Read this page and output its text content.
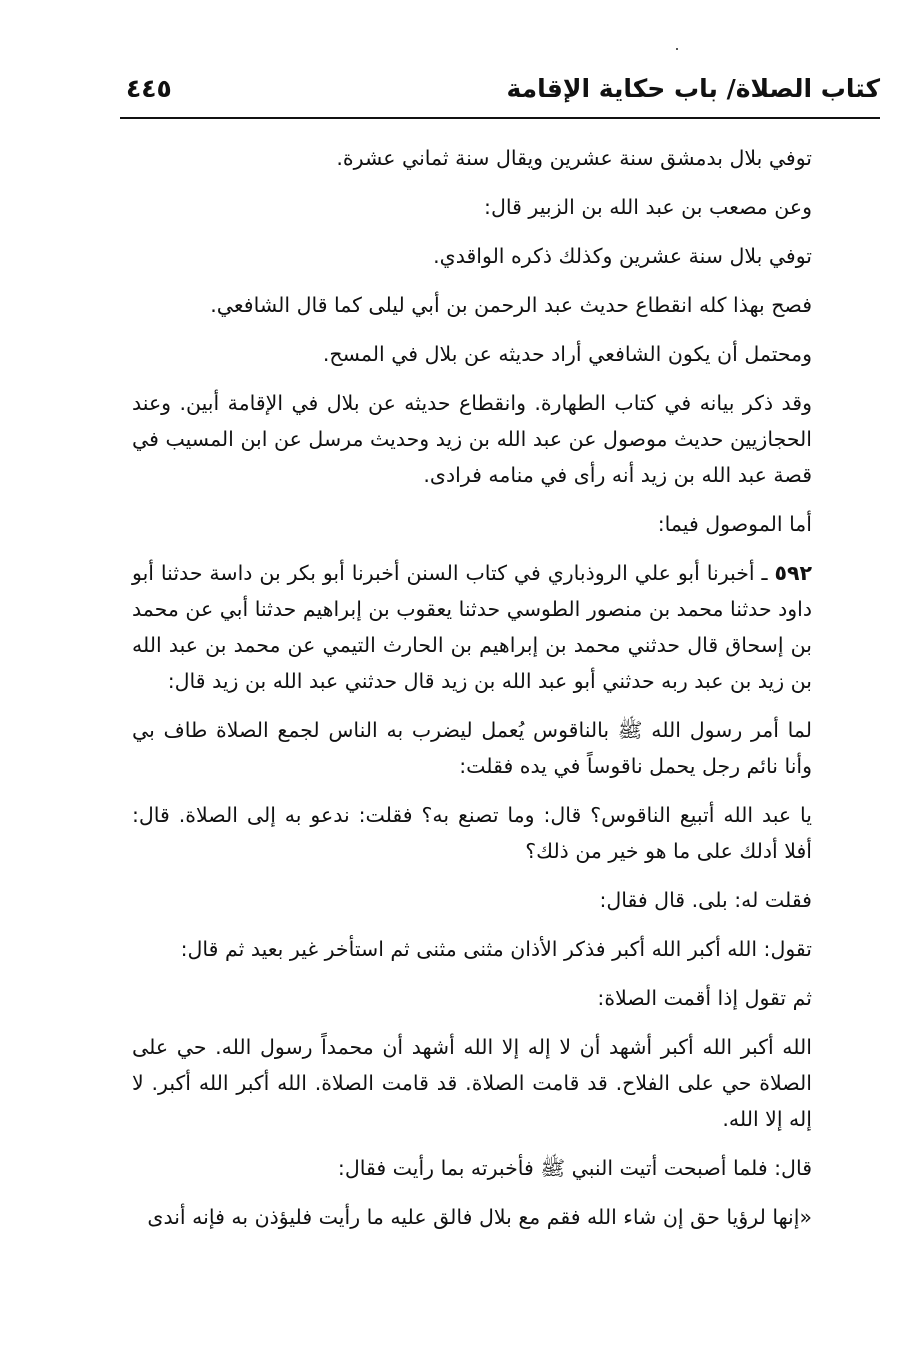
كتاب الصلاة/ باب حكاية الإقامة
٤٤٥

توفي بلال بدمشق سنة عشرين ويقال سنة ثماني عشرة.

وعن مصعب بن عبد الله بن الزبير قال:

توفي بلال سنة عشرين وكذلك ذكره الواقدي.

فصح بهذا كله انقطاع حديث عبد الرحمن بن أبي ليلى كما قال الشافعي.

ومحتمل أن يكون الشافعي أراد حديثه عن بلال في المسح.

وقد ذكر بيانه في كتاب الطهارة. وانقطاع حديثه عن بلال في الإقامة أبين. وعند الحجازيين حديث موصول عن عبد الله بن زيد وحديث مرسل عن ابن المسيب في قصة عبد الله بن زيد أنه رأى في منامه فرادى.

أما الموصول فيما:

٥٩٢ ـ أخبرنا أبو علي الروذباري في كتاب السنن أخبرنا أبو بكر بن داسة حدثنا أبو داود حدثنا محمد بن منصور الطوسي حدثنا يعقوب بن إبراهيم حدثنا أبي عن محمد بن إسحاق قال حدثني محمد بن إبراهيم بن الحارث التيمي عن محمد بن عبد الله بن زيد بن عبد ربه حدثني أبو عبد الله بن زيد قال حدثني عبد الله بن زيد قال:

لما أمر رسول الله ﷺ بالناقوس يُعمل ليضرب به الناس لجمع الصلاة طاف بي وأنا نائم رجل يحمل ناقوساً في يده فقلت:

يا عبد الله أتبيع الناقوس؟ قال: وما تصنع به؟ فقلت: ندعو به إلى الصلاة. قال: أفلا أدلك على ما هو خير من ذلك؟

فقلت له: بلى. قال فقال:

تقول: الله أكبر الله أكبر فذكر الأذان مثنى مثنى ثم استأخر غير بعيد ثم قال:

ثم تقول إذا أقمت الصلاة:

الله أكبر الله أكبر أشهد أن لا إله إلا الله أشهد أن محمداً رسول الله. حي على الصلاة حي على الفلاح. قد قامت الصلاة. قد قامت الصلاة. الله أكبر الله أكبر. لا إله إلا الله.

قال: فلما أصبحت أتيت النبي ﷺ فأخبرته بما رأيت فقال:

«إنها لرؤيا حق إن شاء الله فقم مع بلال فالق عليه ما رأيت فليؤذن به فإنه أندى
